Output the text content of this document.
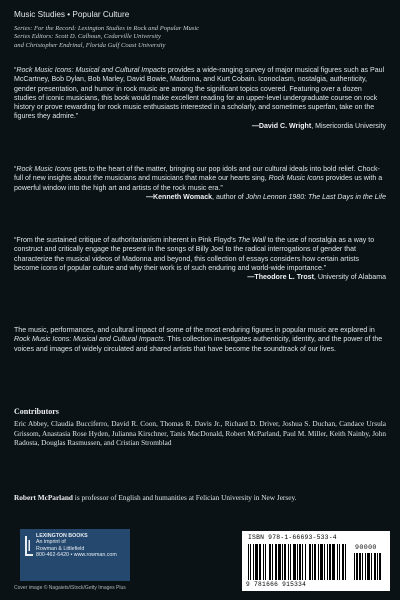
Music Studies • Popular Culture
Series: For the Record: Lexington Studies in Rock and Popular Music
Series Editors: Scott D. Calhoun, Cedarville University
and Christopher Endrinal, Florida Gulf Coast University

“Rock Music Icons: Musical and Cultural Impacts provides a wide-ranging survey of major musical figures such as Paul McCartney, Bob Dylan, Bob Marley, David Bowie, Madonna, and Kurt Cobain. Iconoclasm, nostalgia, authenticity, gender presentation, and humor in rock music are among the significant topics covered. Featuring over a dozen studies of iconic musicians, this book would make excellent reading for an upper-level undergraduate course on rock history or prove rewarding for rock music enthusiasts interested in a scholarly, and sometimes superfan, take on the figures they admire.”

—David C. Wright, Misericordia University

“Rock Music Icons gets to the heart of the matter, bringing our pop idols and our cultural ideals into bold relief. Chock-full of new insights about the musicians and musicians that make our hearts sing, Rock Music Icons provides us with a powerful window into the high art and artists of the rock music era.”

—Kenneth Womack, author of John Lennon 1980: The Last Days in the Life

“From the sustained critique of authoritarianism inherent in Pink Floyd’s The Wall to the use of nostalgia as a way to construct and critically engage the present in the songs of Billy Joel to the radical interrogations of gender that characterize the musical videos of Madonna and beyond, this collection of essays considers how certain artists become icons of popular culture and why their work is of such enduring and world-wide importance.”

—Theodore L. Trost, University of Alabama

The music, performances, and cultural impact of some of the most enduring figures in popular music are explored in Rock Music Icons: Musical and Cultural Impacts. This collection investigates authenticity, identity, and the power of the voices and images of widely circulated and shared artists that have become the soundtrack of our lives.

Contributors
Eric Abbey, Claudia Bucciferro, David R. Coon, Thomas R. Davis Jr., Richard D. Driver, Joshua S. Duchan, Candace Ursula Grissom, Anastasia Rose Hyden, Julianna Kirschner, Tanis MacDonald, Robert McParland, Paul M. Miller, Keith Nainby, John Radosta, Douglas Rasmussen, and Cristian Stromblad
Robert McParland is professor of English and humanities at Felician University in New Jersey.
LEXINGTON BOOKS
An imprint of
Rowman & Littlefield
800-462-6420 • www.rowman.com
Cover image © Nagaiets/iStock/Getty Images Plus
ISBN 978-1-66693-533-4
90000
9 781666 915334
